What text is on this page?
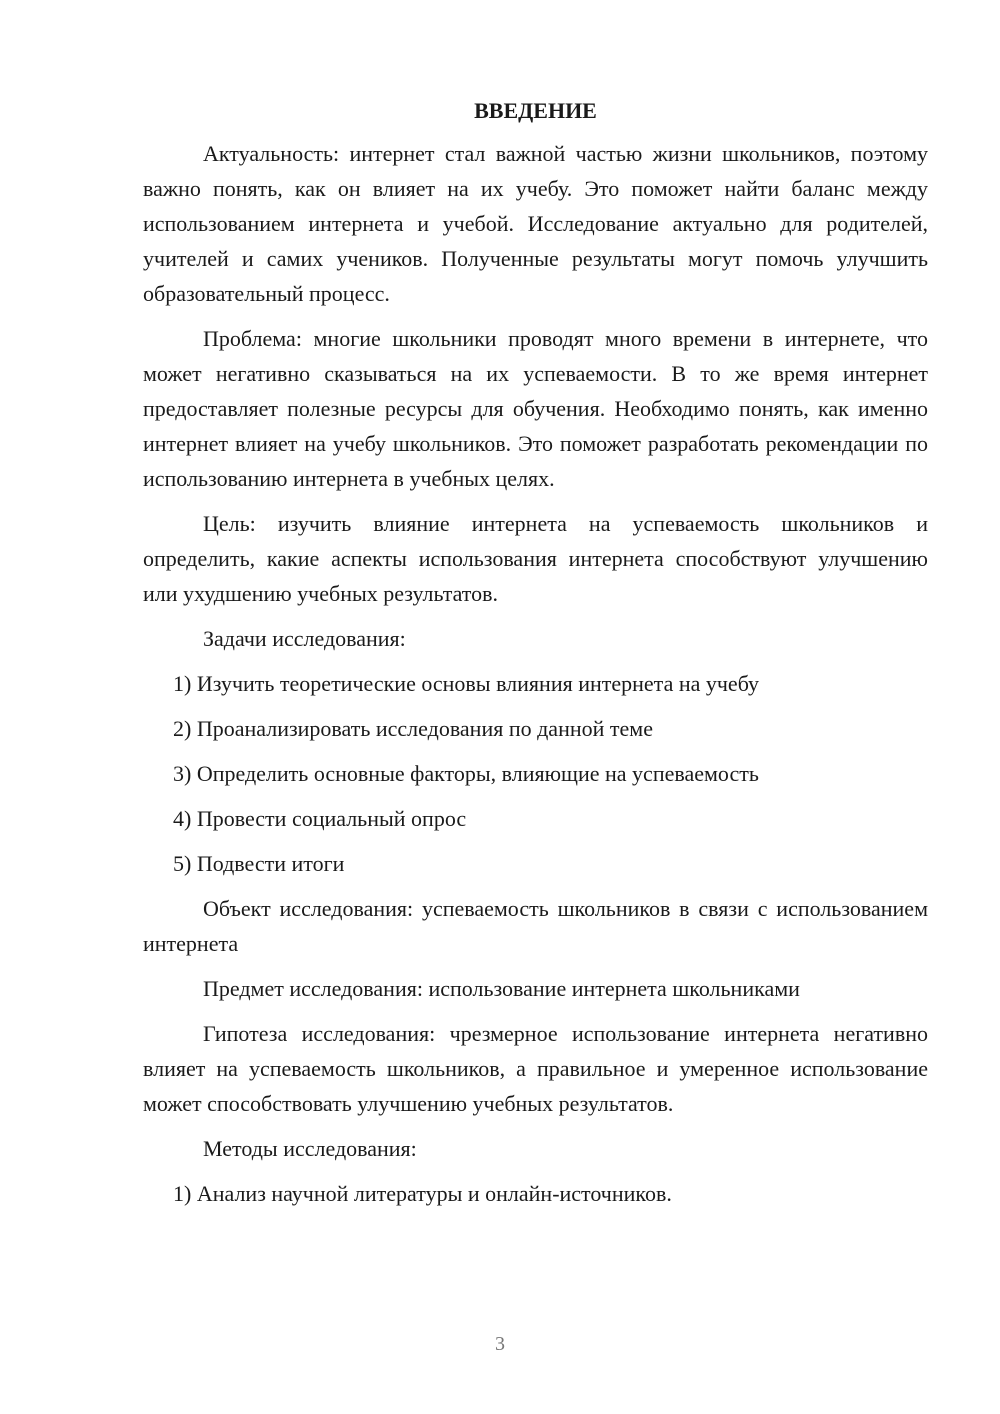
ВВЕДЕНИЕ

Актуальность: интернет стал важной частью жизни школьников, поэтому важно понять, как он влияет на их учебу. Это поможет найти баланс между использованием интернета и учебой. Исследование актуально для родителей, учителей и самих учеников. Полученные результаты могут помочь улучшить образовательный процесс.

Проблема: многие школьники проводят много времени в интернете, что может негативно сказываться на их успеваемости. В то же время интернет предоставляет полезные ресурсы для обучения. Необходимо понять, как именно интернет влияет на учебу школьников. Это поможет разработать рекомендации по использованию интернета в учебных целях.

Цель: изучить влияние интернета на успеваемость школьников и определить, какие аспекты использования интернета способствуют улучшению или ухудшению учебных результатов.

Задачи исследования:

1) Изучить теоретические основы влияния интернета на учебу

2) Проанализировать исследования по данной теме

3) Определить основные факторы, влияющие на успеваемость

4) Провести социальный опрос

5) Подвести итоги

Объект исследования: успеваемость школьников в связи с использованием интернета

Предмет исследования: использование интернета школьниками

Гипотеза исследования: чрезмерное использование интернета негативно влияет на успеваемость школьников, а правильное и умеренное использование может способствовать улучшению учебных результатов.

Методы исследования:

1) Анализ научной литературы и онлайн-источников.

3
